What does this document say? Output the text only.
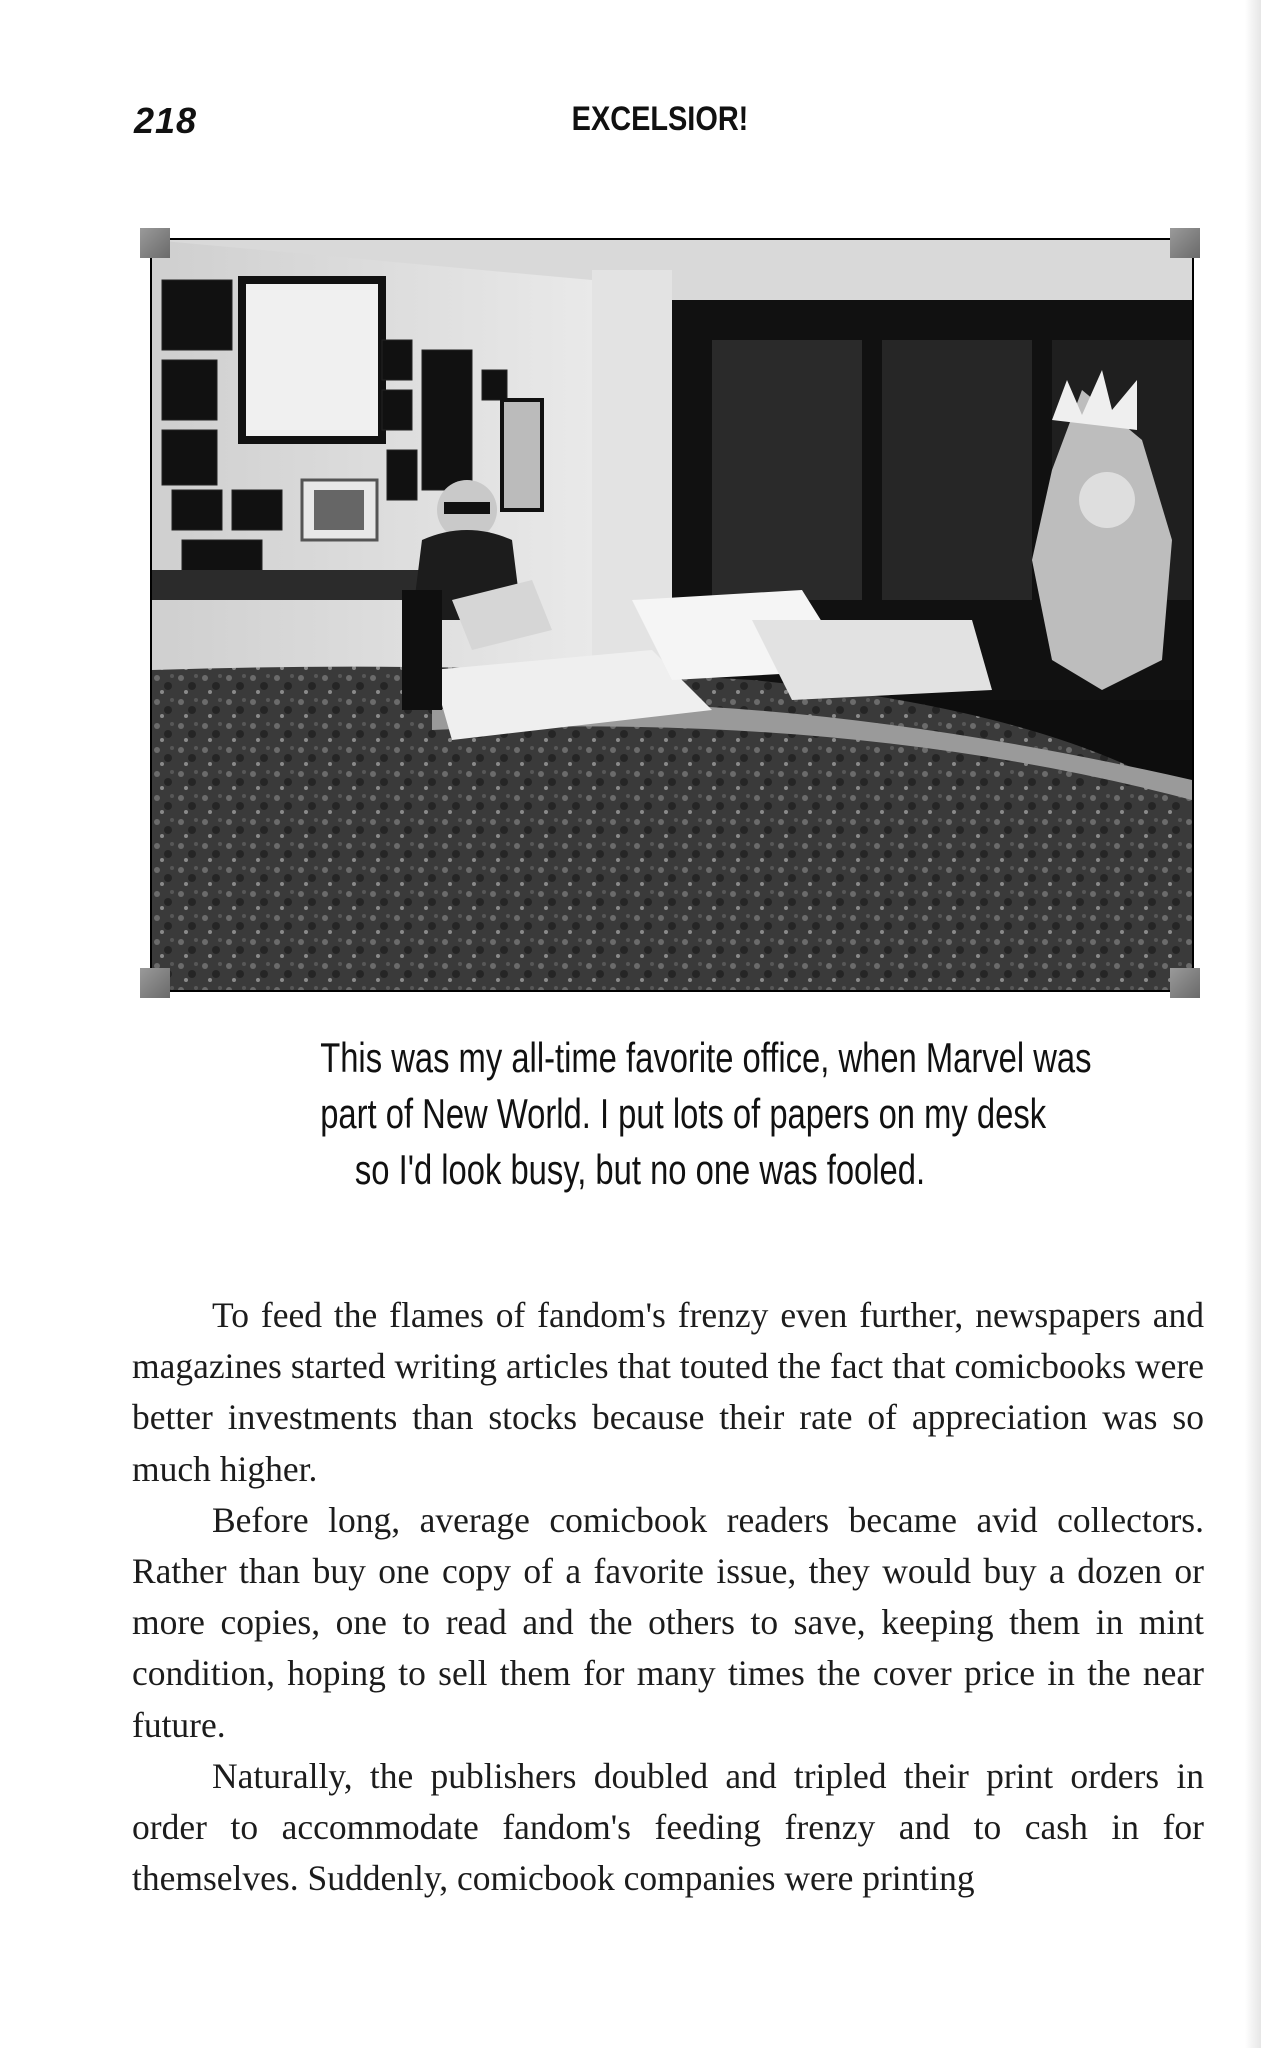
218	EXCELSIOR!
This was my all-time favorite office, when Marvel was
part of New World. I put lots of papers on my desk
so I'd look busy, but no one was fooled.

To feed the flames of fandom's frenzy even further, newspapers and magazines started writing articles that touted the fact that comicbooks were better investments than stocks because their rate of appreciation was so much higher.

Before long, average comicbook readers became avid collectors. Rather than buy one copy of a favorite issue, they would buy a dozen or more copies, one to read and the others to save, keeping them in mint condition, hoping to sell them for many times the cover price in the near future.

Naturally, the publishers doubled and tripled their print orders in order to accommodate fandom's feeding frenzy and to cash in for themselves. Suddenly, comicbook companies were printing
